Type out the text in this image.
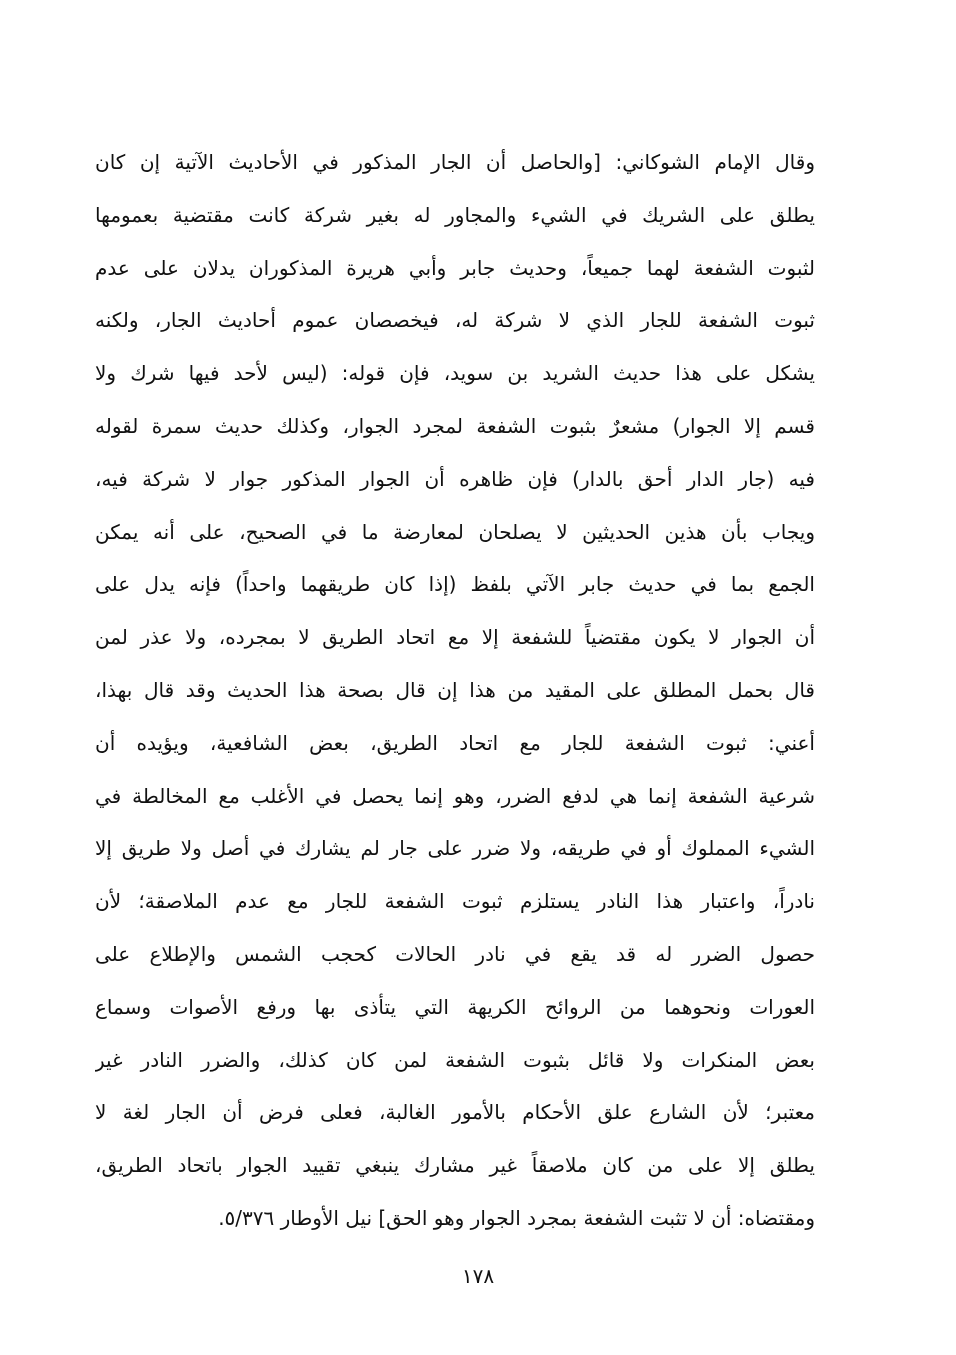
وقال الإمام الشوكاني: [والحاصل أن الجار المذكور في الأحاديث الآتية إن كان
يطلق على الشريك في الشيء والمجاور له بغير شركة كانت مقتضية بعمومها
لثبوت الشفعة لهما جميعاً، وحديث جابر وأبي هريرة المذكوران يدلان على عدم
ثبوت الشفعة للجار الذي لا شركة له، فيخصصان عموم أحاديث الجار، ولكنه
يشكل على هذا حديث الشريد بن سويد، فإن قوله: (ليس لأحد فيها شرك ولا
قسم إلا الجوار) مشعرٌ بثبوت الشفعة لمجرد الجوار، وكذلك حديث سمرة لقوله
فيه (جار الدار أحق بالدار) فإن ظاهره أن الجوار المذكور جوار لا شركة فيه،
ويجاب بأن هذين الحديثين لا يصلحان لمعارضة ما في الصحيح، على أنه يمكن
الجمع بما في حديث جابر الآتي بلفظ (إذا كان طريقهما واحداً) فإنه يدل على
أن الجوار لا يكون مقتضياً للشفعة إلا مع اتحاد الطريق لا بمجرده، ولا عذر لمن
قال بحمل المطلق على المقيد من هذا إن قال بصحة هذا الحديث وقد قال بهذا،
أعني: ثبوت الشفعة للجار مع اتحاد الطريق، بعض الشافعية، ويؤيده أن
شرعية الشفعة إنما هي لدفع الضرر، وهو إنما يحصل في الأغلب مع المخالطة في
الشيء المملوك أو في طريقه، ولا ضرر على جار لم يشارك في أصل ولا طريق إلا
نادراً، واعتبار هذا النادر يستلزم ثبوت الشفعة للجار مع عدم الملاصقة؛ لأن
حصول الضرر له قد يقع في نادر الحالات كحجب الشمس والإطلاع على
العورات ونحوهما من الروائح الكريهة التي يتأذى بها ورفع الأصوات وسماع
بعض المنكرات ولا قائل بثبوت الشفعة لمن كان كذلك، والضرر النادر غير
معتبر؛ لأن الشارع علق الأحكام بالأمور الغالبة، فعلى فرض أن الجار لغة لا
يطلق إلا على من كان ملاصقاً غير مشارك ينبغي تقييد الجوار باتحاد الطريق،
ومقتضاه: أن لا تثبت الشفعة بمجرد الجوار وهو الحق] نيل الأوطار ٥/٣٧٦.
١٧٨
